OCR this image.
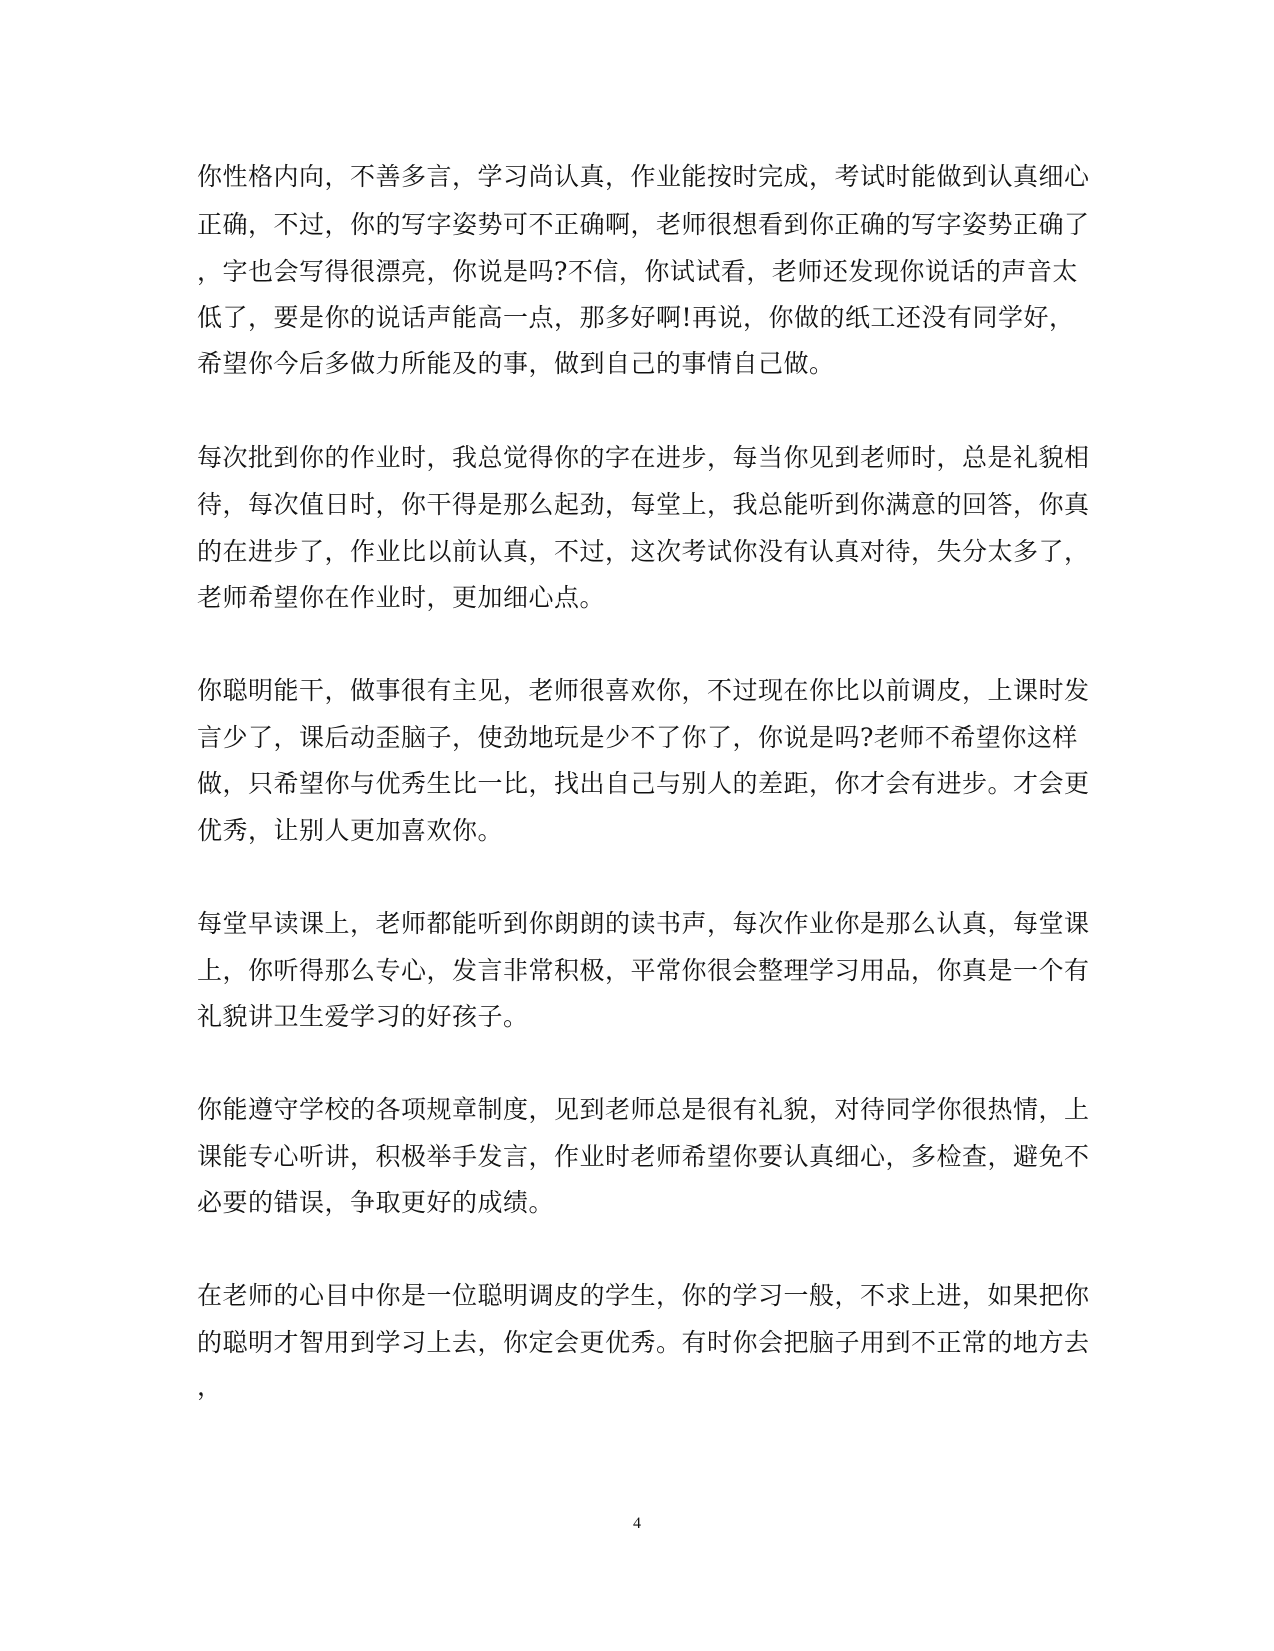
你性格内向，不善多言，学习尚认真，作业能按时完成，考试时能做到认真细心
正确，不过，你的写字姿势可不正确啊，老师很想看到你正确的写字姿势正确了
，字也会写得很漂亮，你说是吗?不信，你试试看，老师还发现你说话的声音太
低了，要是你的说话声能高一点，那多好啊!再说，你做的纸工还没有同学好，
希望你今后多做力所能及的事，做到自己的事情自己做。
每次批到你的作业时，我总觉得你的字在进步，每当你见到老师时，总是礼貌相
待，每次值日时，你干得是那么起劲，每堂上，我总能听到你满意的回答，你真
的在进步了，作业比以前认真，不过，这次考试你没有认真对待，失分太多了，
老师希望你在作业时，更加细心点。
你聪明能干，做事很有主见，老师很喜欢你，不过现在你比以前调皮，上课时发
言少了，课后动歪脑子，使劲地玩是少不了你了，你说是吗?老师不希望你这样
做，只希望你与优秀生比一比，找出自己与别人的差距，你才会有进步。才会更
优秀，让别人更加喜欢你。
每堂早读课上，老师都能听到你朗朗的读书声，每次作业你是那么认真，每堂课
上，你听得那么专心，发言非常积极，平常你很会整理学习用品，你真是一个有
礼貌讲卫生爱学习的好孩子。
你能遵守学校的各项规章制度，见到老师总是很有礼貌，对待同学你很热情，上
课能专心听讲，积极举手发言，作业时老师希望你要认真细心，多检查，避免不
必要的错误，争取更好的成绩。
在老师的心目中你是一位聪明调皮的学生，你的学习一般，不求上进，如果把你
的聪明才智用到学习上去，你定会更优秀。有时你会把脑子用到不正常的地方去
，
4
